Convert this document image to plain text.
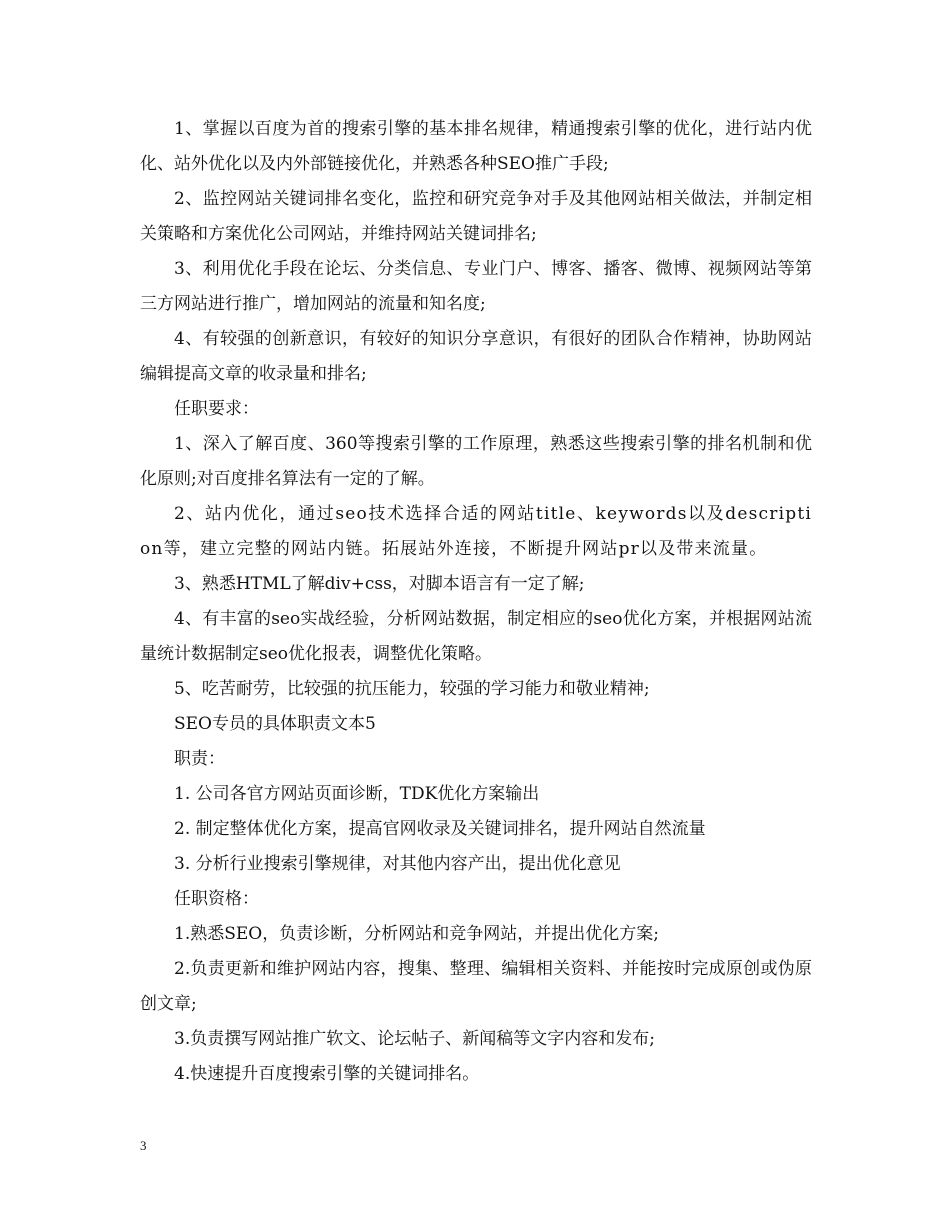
1、掌握以百度为首的搜索引擎的基本排名规律，精通搜索引擎的优化，进行站内优化、站外优化以及内外部链接优化，并熟悉各种SEO推广手段;

2、监控网站关键词排名变化，监控和研究竞争对手及其他网站相关做法，并制定相关策略和方案优化公司网站，并维持网站关键词排名;

3、利用优化手段在论坛、分类信息、专业门户、博客、播客、微博、视频网站等第三方网站进行推广，增加网站的流量和知名度;

4、有较强的创新意识，有较好的知识分享意识，有很好的团队合作精神，协助网站编辑提高文章的收录量和排名;

任职要求：

1、深入了解百度、360等搜索引擎的工作原理，熟悉这些搜索引擎的排名机制和优化原则;对百度排名算法有一定的了解。

2、站内优化，通过seo技术选择合适的网站title、keywords以及description等，建立完整的网站内链。拓展站外连接，不断提升网站pr以及带来流量。

3、熟悉HTML了解div+css，对脚本语言有一定了解;

4、有丰富的seo实战经验，分析网站数据，制定相应的seo优化方案，并根据网站流量统计数据制定seo优化报表，调整优化策略。

5、吃苦耐劳，比较强的抗压能力，较强的学习能力和敬业精神;

SEO专员的具体职责文本5

职责：

1. 公司各官方网站页面诊断，TDK优化方案输出

2. 制定整体优化方案，提高官网收录及关键词排名，提升网站自然流量

3. 分析行业搜索引擎规律，对其他内容产出，提出优化意见

任职资格：

1.熟悉SEO，负责诊断，分析网站和竞争网站，并提出优化方案;

2.负责更新和维护网站内容，搜集、整理、编辑相关资料、并能按时完成原创或伪原创文章;

3.负责撰写网站推广软文、论坛帖子、新闻稿等文字内容和发布;

4.快速提升百度搜索引擎的关键词排名。

3
